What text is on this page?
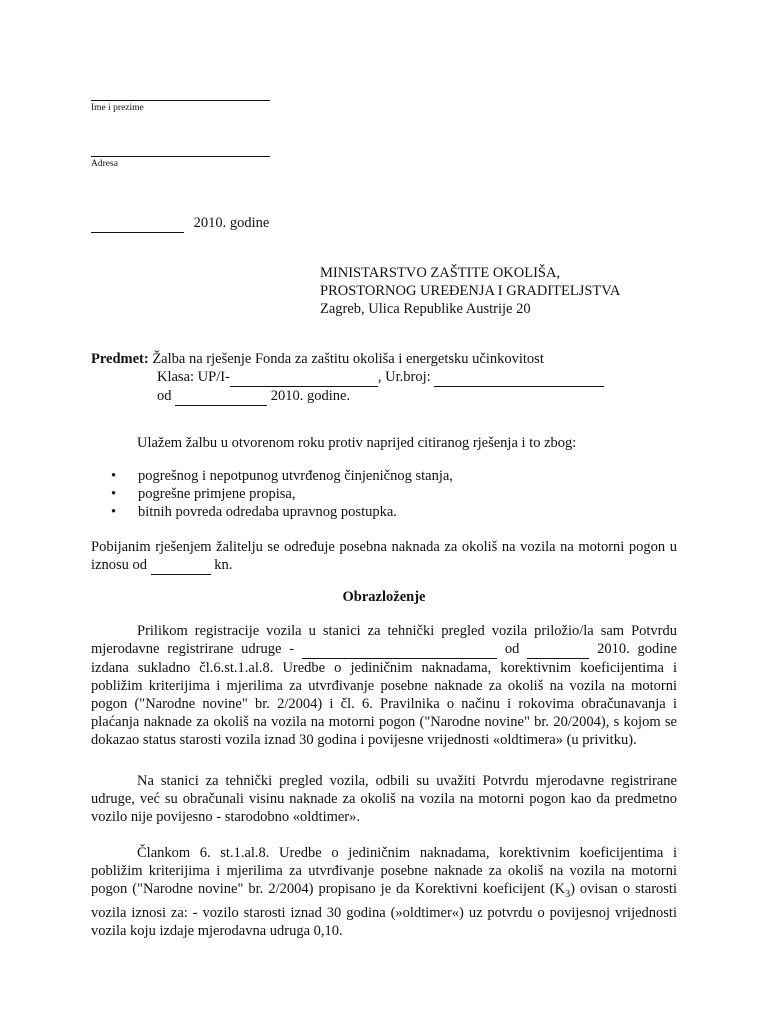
Ime i prezime
Adresa
2010. godine
MINISTARSTVO ZAŠTITE OKOLIŠA,
PROSTORNOG UREĐENJA I GRADITELJSTVA
Zagreb, Ulica Republike Austrije 20
Predmet: Žalba na rješenje Fonda za zaštitu okoliša i energetsku učinkovitost
Klasa: UP/I-	, Ur.broj:
od	2010. godine.

Ulažem žalbu u otvorenom roku protiv naprijed citiranog rješenja i to zbog:

• pogrešnog i nepotpunog utvrđenog činjeničnog stanja,
• pogrešne primjene propisa,
• bitnih povreda odredaba upravnog postupka.

Pobijanim rješenjem žalitelju se određuje posebna naknada za okoliš na vozila na motorni pogon u iznosu od	kn.

Obrazloženje

Prilikom registracije vozila u stanici za tehnički pregled vozila priložio/la sam Potvrdu mjerodavne registrirane udruge -	od	2010. godine izdana sukladno čl.6.st.1.al.8. Uredbe o jediničnim naknadama, korektivnim koeficijentima i pobližim kriterijima i mjerilima za utvrđivanje posebne naknade za okoliš na vozila na motorni pogon ("Narodne novine" br. 2/2004) i čl. 6. Pravilnika o načinu i rokovima obračunavanja i plaćanja naknade za okoliš na vozila na motorni pogon ("Narodne novine" br. 20/2004), s kojom se dokazao status starosti vozila iznad 30 godina i povijesne vrijednosti «oldtimera» (u privitku).

Na stanici za tehnički pregled vozila, odbili su uvažiti Potvrdu mjerodavne registrirane udruge, već su obračunali visinu naknade za okoliš na vozila na motorni pogon kao da predmetno vozilo nije povijesno - starodobno «oldtimer».

Člankom 6. st.1.al.8. Uredbe o jediničnim naknadama, korektivnim koeficijentima i pobližim kriterijima i mjerilima za utvrđivanje posebne naknade za okoliš na vozila na motorni pogon ("Narodne novine" br. 2/2004) propisano je da Korektivni koeficijent $(K_3)$ ovisan o starosti vozila iznosi za: - vozilo starosti iznad 30 godina (»oldtimer«) uz potvrdu o povijesnoj vrijednosti vozila koju izdaje mjerodavna udruga 0,10.
